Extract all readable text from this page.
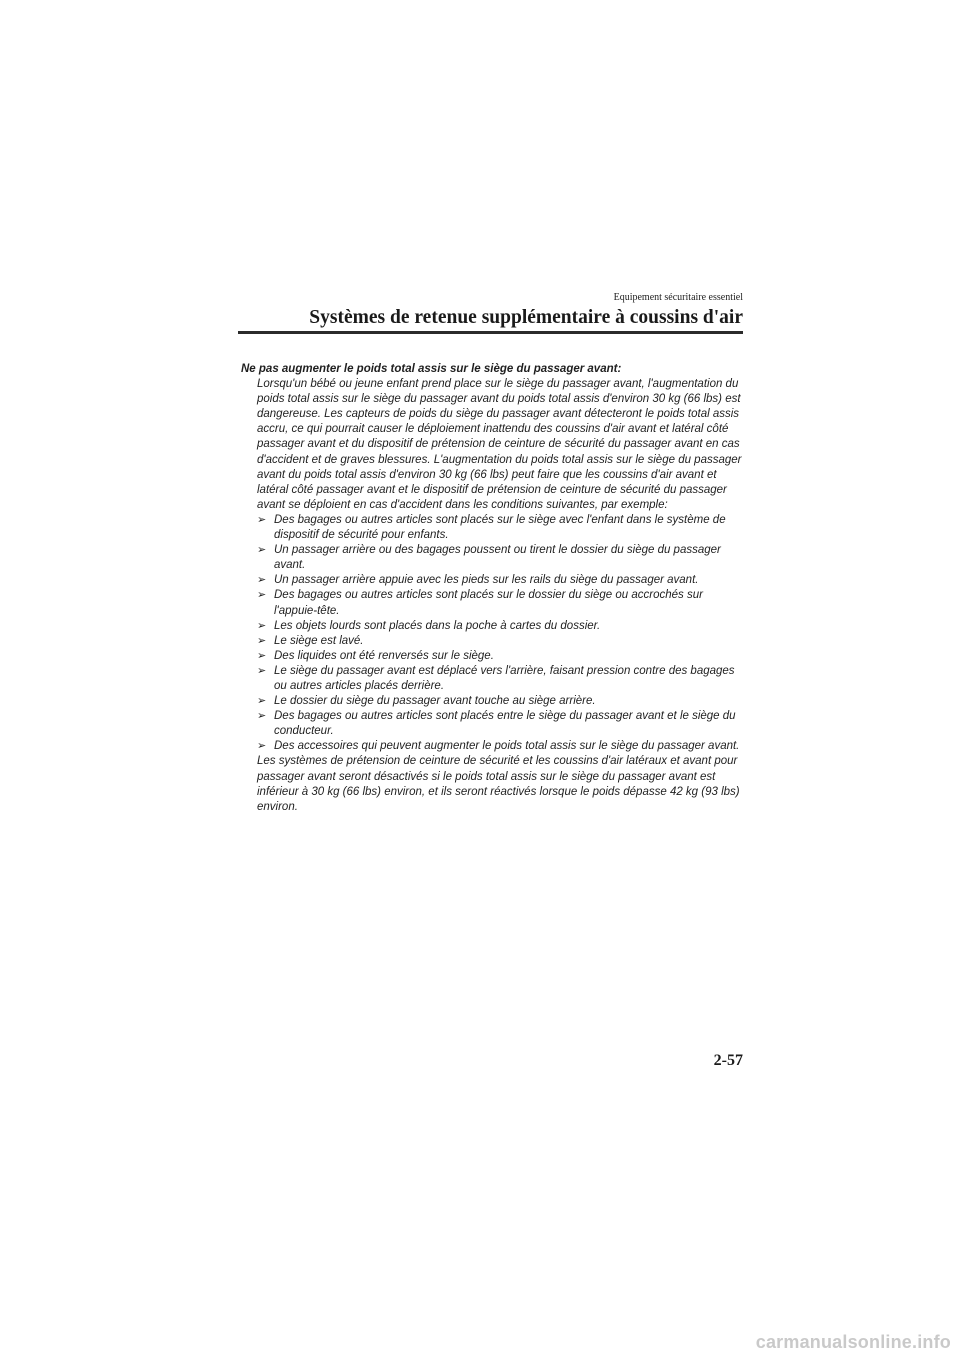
Equipement sécuritaire essentiel
Systèmes de retenue supplémentaire à coussins d'air

Ne pas augmenter le poids total assis sur le siège du passager avant:

Lorsqu'un bébé ou jeune enfant prend place sur le siège du passager avant, l'augmentation du poids total assis sur le siège du passager avant du poids total assis d'environ 30 kg (66 lbs) est dangereuse. Les capteurs de poids du siège du passager avant détecteront le poids total assis accru, ce qui pourrait causer le déploiement inattendu des coussins d'air avant et latéral côté passager avant et du dispositif de prétension de ceinture de sécurité du passager avant en cas d'accident et de graves blessures. L'augmentation du poids total assis sur le siège du passager avant du poids total assis d'environ 30 kg (66 lbs) peut faire que les coussins d'air avant et latéral côté passager avant et le dispositif de prétension de ceinture de sécurité du passager avant se déploient en cas d'accident dans les conditions suivantes, par exemple:

➢ Des bagages ou autres articles sont placés sur le siège avec l'enfant dans le système de dispositif de sécurité pour enfants.
➢ Un passager arrière ou des bagages poussent ou tirent le dossier du siège du passager avant.
➢ Un passager arrière appuie avec les pieds sur les rails du siège du passager avant.
➢ Des bagages ou autres articles sont placés sur le dossier du siège ou accrochés sur l'appuie-tête.
➢ Les objets lourds sont placés dans la poche à cartes du dossier.
➢ Le siège est lavé.
➢ Des liquides ont été renversés sur le siège.
➢ Le siège du passager avant est déplacé vers l'arrière, faisant pression contre des bagages ou autres articles placés derrière.
➢ Le dossier du siège du passager avant touche au siège arrière.
➢ Des bagages ou autres articles sont placés entre le siège du passager avant et le siège du conducteur.
➢ Des accessoires qui peuvent augmenter le poids total assis sur le siège du passager avant.

Les systèmes de prétension de ceinture de sécurité et les coussins d'air latéraux et avant pour passager avant seront désactivés si le poids total assis sur le siège du passager avant est inférieur à 30 kg (66 lbs) environ, et ils seront réactivés lorsque le poids dépasse 42 kg (93 lbs) environ.

2-57
carmanualsonline.info
